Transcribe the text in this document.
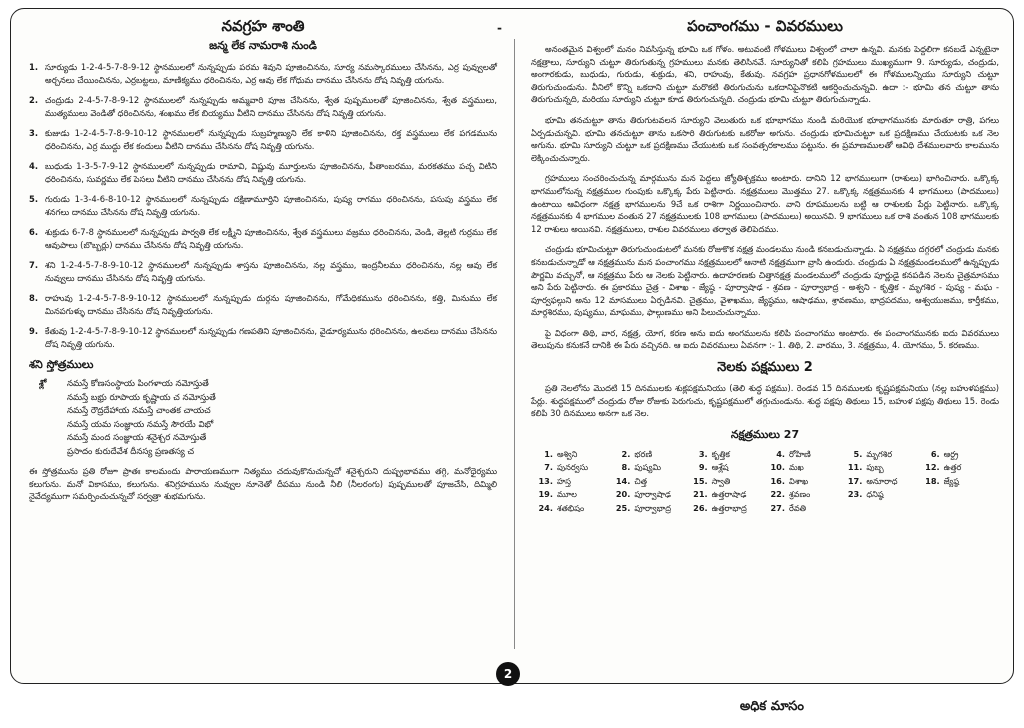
-
నవగ్రహ శాంతి
జన్మ లేక నామరాశి నుండి
1. సూర్యుడు 1-2-4-5-7-8-9-12 స్థానములలో నున్నప్పుడు పరమ శివుని పూజించినను, సూర్య నమస్కారములు చేసినను, ఎర్ర పువ్వులతో అర్చనలు చేయించినను, ఎర్రబట్టలు, మాణిక్యము ధరించినను, ఎర్ర ఆవు లేక గోధుమ దానము చేసినను దోష నివృత్తి యగును.
2. చంద్రుడు 2-4-5-7-8-9-12 స్థానములలో నున్నప్పుడు అమ్మవారి పూజ చేసినను, శ్వేత పుష్పములతో పూజించినను, శ్వేత వస్త్రములు, ముత్యములు వెండితో ధరించినను, శంఖము లేక బియ్యము వీటిని దానము చేసినను దోష నివృత్తి యగును.
3. కుజుడు 1-2-4-5-7-8-9-10-12 స్థానములలో నున్నప్పుడు సుబ్రహ్మణ్యుని లేక కాళిని పూజించినను, రక్త వస్త్రములు లేక పగడమును ధరించినను, ఎర్ర ముద్దు లేక కందులు వీటిని దానము చేసినను దోష నివృత్తి యగును.
4. బుధుడు 1-3-5-7-9-12 స్థానములలో నున్నప్పుడు రామావి, విష్ణువు మూర్తులను పూజించినను, పీతాంబరము, మరకతము పచ్చ విటిని ధరించినను, సువర్ణము లేక పెసలు వీటిని దానము చేసినను దోష నివృత్తి యగును.
5. గురుడు 1-3-4-6-8-10-12 స్థానములలో నున్నప్పుడు దక్షిణామూర్తిని పూజించినను, పుష్య రాగము ధరించినను, పసుపు వస్త్రము లేక శనగలు దానము చేసినను దోష నివృత్తి యగును.
6. శుక్రుడు 6-7-8 స్థానములలో నున్నప్పుడు పార్వతి లేక లక్ష్మీని పూజించినను, శ్వేత వస్త్రములు వజ్రము ధరించినను, వెండి, తెల్లటి గుర్రము లేక ఆవుపాలు (బొబ్బర్లు) దానము చేసినను దోష నివృత్తి యగును.
7. శని 1-2-4-5-7-8-9-10-12 స్థానములలో నున్నప్పుడు శాస్తను పూజించినను, నల్ల వస్త్రము, ఇంద్రనీలము ధరించినను, నల్ల ఆవు లేక నువ్వులు దానము చేసినను దోష నివృత్తి యగును.
8. రాహువు 1-2-4-5-7-8-9-10-12 స్థానములలో నున్నప్పుడు దుర్గను పూజించినను, గోమేధికమును ధరించినను, కత్తి, మినుము లేక మినపగుళ్ళు దానము చేసినను దోష నివృత్తియగును.
9. కేతువు 1-2-4-5-7-8-9-10-12 స్థానములలో నున్నప్పుడు గణపతిని పూజించినను, వైడూర్యమును ధరించినను, ఉలవలు దానము చేసినను దోష నివృత్తి యగును.
శని స్తోత్రములు
శ్లో	నమస్తే కోణసంస్థాయ పింగళాయ నమోస్తుతే
నమస్తే బభ్రు రూపాయ కృష్ణాయ చ నమోస్తుతే
నమస్తే రౌద్రదేహాయ నమస్తే చాంతక చాయచ
నమస్తే యమ సంజ్ఞాయ నమస్తే సౌరయే విభో
నమస్తే మంద సంజ్ఞాయ శనైశ్చర నమోస్తుతే
ప్రసాదం కురుదేవేశ దీనస్య ప్రణతస్య చ
ఈ స్తోత్రమును ప్రతి రోజూ ప్రాతః కాలమందు పారాయణముగా నిత్యము చదువుకొనుచున్నచో శనైశ్చరుని దుష్ప్రభావము తగ్గి, మనోధైర్యము కలుగును. మనో వికాసము, కలుగును. శనిగ్రహమును నువ్వుల నూనెతో దీపము నుండి నీలి (నీలరంగు) పుష్పములతో పూజచేసి, దిమ్మిలి నైవేద్యముగా సమర్పించుచున్నచో సర్వత్రా శుభమగును.
పంచాంగము - వివరములు

అనంతమైన విశ్వంలో మనం నివసిస్తున్న భూమి ఒక గోళం. అటువంటి గోళములు విశ్వంలో చాలా ఉన్నవి. మనకు పెద్దలిగా కనబడే ఎన్నటైనా నక్షత్రాలు, సూర్యుని చుట్టూ తిరుగుతున్న గ్రహములు మనకు తెలిసినవే. సూర్యునితో కలిపి గ్రహములు ముఖ్యముగా 9. సూర్యుడు, చంద్రుడు, అంగారకుడు, బుధుడు, గురుడు, శుక్రుడు, శని, రాహువు, కేతువు. నవగ్రహ ప్రధానగోళములలో ఈ గోళములన్నియు సూర్యుని చుట్టూ తిరుగుచుండును. వీనిలో కొన్ని ఒకదాని చుట్టూ మరొకటి తిరుగుచును ఒకదానిపైనొకటి ఆకర్షించుచున్నవి. ఉదా :- భూమి తన చుట్టూ తాను తిరుగుచున్నది, మరియు సూర్యుని చుట్టూ కూడ తిరుగుచున్నది. చంద్రుడు భూమి చుట్టూ తిరుగుచున్నాడు.

భూమి తనచుట్టూ తాను తిరుగుటవలన సూర్యుని వెలుతురు ఒక భూభాగము నుండి మరియొక భూభాగమునకు మారుతూ రాత్రి, పగలు ఏర్పడుచున్నవి. భూమి తనచుట్టూ తాను ఒకసారి తిరుగుటకు ఒకరోజు అగును. చంద్రుడు భూమిచుట్టూ ఒక ప్రదక్షిణము చేయుటకు ఒక నెల అగును. భూమి సూర్యుని చుట్టూ ఒక ప్రదక్షిణము చేయుటకు ఒక సంవత్సరకాలము పట్టును. ఈ ప్రమాణములతో ఆవిధి దేశములవారు కాలమును లెక్కించుచున్నారు.

గ్రహములు సంచరించుచున్న మార్గమును మన పెద్దలు జ్యోతిశ్చక్రము అంటారు. దానిని 12 భాగములుగా (రాశులు) భాగించినారు. ఒక్కొక్క భాగములోనున్న నక్షత్రముల గుంపుకు ఒక్కొక్క పేరు పెట్టినారు. నక్షత్రములు మొత్తము 27. ఒక్కొక్క నక్షత్రమునకు 4 భాగములు (పాదములు) ఉంటాయి ఆవిధంగా నక్షత్ర భాగములను 9చే ఒక రాశిగా నిర్ణయించినారు. వాని రూపములను బట్టి ఆ రాశులకు పేర్లు పెట్టినారు. ఒక్కొక్క నక్షత్రమునకు 4 భాగముల వంతున 27 నక్షత్రములకు 108 భాగములు (పాదములు) అయినవి. 9 భాగములు ఒక రాశి వంతున 108 భాగములకు 12 రాశులు అయినవి. నక్షత్రములు, రాశుల వివరములు తర్వాత తెలిపెదము.

చంద్రుడు భూమిచుట్టూ తిరుగుచుండుటలో మనకు రోజుకొక నక్షత్ర మండలము నుండి కనబడుచున్నాడు. ఏ నక్షత్రము దగ్గరలో చంద్రుడు మనకు కనబడుచున్నాడో ఆ నక్షత్రమును మన పంచాంగము నక్షత్రములలో ఆనాటి నక్షత్రముగా వ్రాసి ఉందురు. చంద్రుడు ఏ నక్షత్రమండలములో ఉన్నప్పుడు పౌర్ణమి వచ్చునో, ఆ నక్షత్రము పేరు ఆ నెలకు పెట్టినారు. ఉదాహరణకు చిత్తానక్షత్ర మండలములో చంద్రుడు పూర్ణుడై కనపడిన నెలను చైత్రమాసము అని పేరు పెట్టినారు. ఈ ప్రకారము చైత్ర - విశాఖ - జ్యేష్ఠ - పూర్వాషాఢ - శ్రవణ - పూర్వాభాద్ర - అశ్వని - కృత్తిక - మృగశిర - పుష్య - మఘ - పూర్వఫల్గుని అను 12 మాసములు ఏర్పడినవి. చైత్రము, వైశాఖము, జ్యేష్ఠము, ఆషాఢము, శ్రావణము, భాద్రపదము, ఆశ్వయుజము, కార్తీకము, మార్గశిరము, పుష్యము, మాఘము, ఫాల్గుణము అని పిలుచుచున్నాము.

పై విధంగా తిథి, వార, నక్షత్ర, యోగ, కరణ అను ఐదు అంగములను కలిపి పంచాంగము అంటారు. ఈ పంచాంగమునకు ఐదు వివరములు తెలుపును కనుకనే దానికి ఈ పేరు వచ్చినది. ఆ ఐదు వివరములు ఏవనగా :- 1. తిథి, 2. వారము, 3. నక్షత్రము, 4. యోగము, 5. కరణము.

నెలకు పక్షములు 2

ప్రతి నెలలోను మొదటి 15 దినములకు శుక్లపక్షమనియు (తెలి శుద్ధ పక్షము). రెండవ 15 దినములకు కృష్ణపక్షమనియు (నల్ల బహుళపక్షము) పేర్లు. శుద్ధపక్షములో చంద్రుడు రోజు రోజుకు పెరుగుచు, కృష్ణపక్షములో తగ్గుచుండును. శుద్ధ పక్షపు తిథులు 15, బహుళ పక్షపు తిథులు 15. రెండు కలిపి 30 దినములు అనగా ఒక నెల.

నక్షత్రములు 27
1. అశ్విని	2. భరణి	3. కృత్తిక	4. రోహిణి	5. మృగశిర	6. ఆర్ద్ర
7. పునర్వసు	8. పుష్యమి	9. ఆశ్లేష	10. మఖ	11. పుబ్బ	12. ఉత్తర
13. హస్త	14. చిత్త	15. స్వాతి	16. విశాఖ	17. అనూరాధ	18. జ్యేష్ఠ
19. మూల	20. పూర్వాషాఢ	21. ఉత్తరాషాఢ	22. శ్రవణం	23. ధనిష్ఠ
24. శతభిషం	25. పూర్వాభాద్ర	26. ఉత్తరాభాద్ర	27. రేవతి
2
అధిక మాసం
